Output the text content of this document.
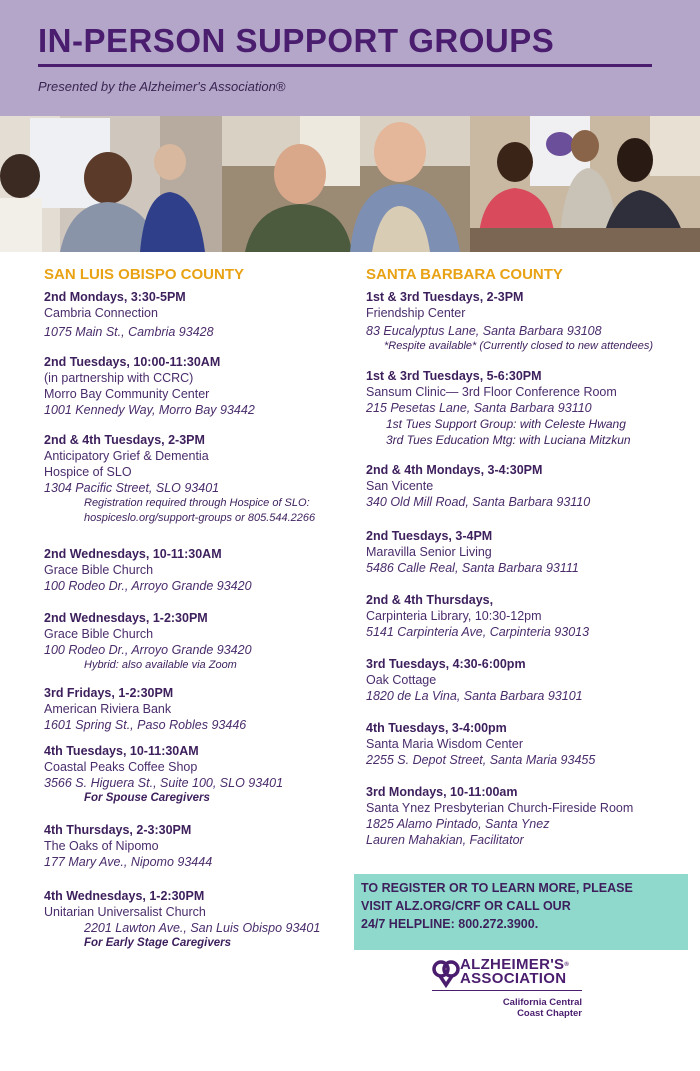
IN-PERSON SUPPORT GROUPS
Presented by the Alzheimer's Association®
SAN LUIS OBISPO COUNTY
2nd Mondays, 3:30-5PM
Cambria Connection
1075 Main St., Cambria 93428
2nd Tuesdays, 10:00-11:30AM
(in partnership with CCRC)
Morro Bay Community Center
1001 Kennedy Way, Morro Bay 93442
2nd & 4th Tuesdays, 2-3PM
Anticipatory Grief & Dementia
Hospice of SLO
1304 Pacific Street, SLO 93401
Registration required through Hospice of SLO:
hospiceslo.org/support-groups or 805.544.2266
2nd Wednesdays, 10-11:30AM
Grace Bible Church
100 Rodeo Dr., Arroyo Grande 93420
2nd Wednesdays, 1-2:30PM
Grace Bible Church
100 Rodeo Dr., Arroyo Grande 93420
Hybrid: also available via Zoom
3rd Fridays, 1-2:30PM
American Riviera Bank
1601 Spring St., Paso Robles 93446
4th Tuesdays, 10-11:30AM
Coastal Peaks Coffee Shop
3566 S. Higuera St., Suite 100, SLO 93401
For Spouse Caregivers
4th Thursdays, 2-3:30PM
The Oaks of Nipomo
177 Mary Ave., Nipomo 93444
4th Wednesdays, 1-2:30PM
Unitarian Universalist Church
2201 Lawton Ave., San Luis Obispo 93401
For Early Stage Caregivers
SANTA BARBARA COUNTY
1st & 3rd Tuesdays, 2-3PM
Friendship Center
83 Eucalyptus Lane, Santa Barbara 93108
*Respite available* (Currently closed to new attendees)
1st & 3rd Tuesdays, 5-6:30PM
Sansum Clinic— 3rd Floor Conference Room
215 Pesetas Lane, Santa Barbara 93110
1st Tues Support Group: with Celeste Hwang
3rd Tues Education Mtg: with Luciana Mitzkun
2nd & 4th Mondays, 3-4:30PM
San Vicente
340 Old Mill Road, Santa Barbara 93110
2nd Tuesdays, 3-4PM
Maravilla Senior Living
5486 Calle Real, Santa Barbara 93111
2nd & 4th Thursdays,
Carpinteria Library, 10:30-12pm
5141 Carpinteria Ave, Carpinteria 93013
3rd Tuesdays, 4:30-6:00pm
Oak Cottage
1820 de La Vina, Santa Barbara 93101
4th Tuesdays, 3-4:00pm
Santa Maria Wisdom Center
2255 S. Depot Street, Santa Maria 93455
3rd Mondays, 10-11:00am
Santa Ynez Presbyterian Church-Fireside Room
1825 Alamo Pintado, Santa Ynez
Lauren Mahakian, Facilitator
TO REGISTER OR TO LEARN MORE, PLEASE
VISIT ALZ.ORG/CRF OR CALL OUR
24/7 HELPLINE: 800.272.3900.
ALZHEIMER'S®
ASSOCIATION
California Central
Coast Chapter
